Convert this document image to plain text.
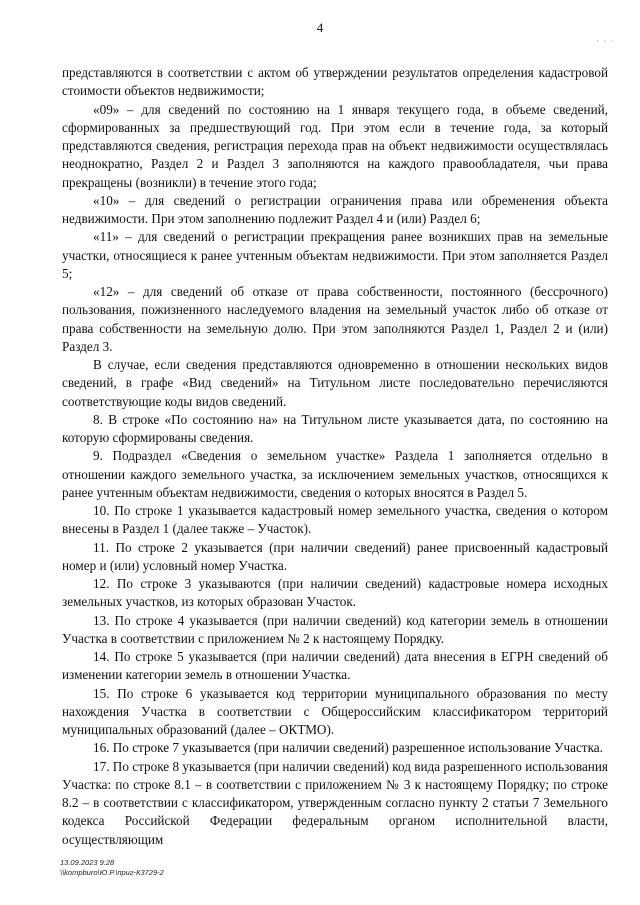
4
· · ·

представляются в соответствии с актом об утверждении результатов определения кадастровой стоимости объектов недвижимости;

«09» – для сведений по состоянию на 1 января текущего года, в объеме сведений, сформированных за предшествующий год. При этом если в течение года, за который представляются сведения, регистрация перехода прав на объект недвижимости осуществлялась неоднократно, Раздел 2 и Раздел 3 заполняются на каждого правообладателя, чьи права прекращены (возникли) в течение этого года;

«10» – для сведений о регистрации ограничения права или обременения объекта недвижимости. При этом заполнению подлежит Раздел 4 и (или) Раздел 6;

«11» – для сведений о регистрации прекращения ранее возникших прав на земельные участки, относящиеся к ранее учтенным объектам недвижимости. При этом заполняется Раздел 5;

«12» – для сведений об отказе от права собственности, постоянного (бессрочного) пользования, пожизненного наследуемого владения на земельный участок либо об отказе от права собственности на земельную долю. При этом заполняются Раздел 1, Раздел 2 и (или) Раздел 3.

В случае, если сведения представляются одновременно в отношении нескольких видов сведений, в графе «Вид сведений» на Титульном листе последовательно перечисляются соответствующие коды видов сведений.

8. В строке «По состоянию на» на Титульном листе указывается дата, по состоянию на которую сформированы сведения.

9. Подраздел «Сведения о земельном участке» Раздела 1 заполняется отдельно в отношении каждого земельного участка, за исключением земельных участков, относящихся к ранее учтенным объектам недвижимости, сведения о которых вносятся в Раздел 5.

10. По строке 1 указывается кадастровый номер земельного участка, сведения о котором внесены в Раздел 1 (далее также – Участок).

11. По строке 2 указывается (при наличии сведений) ранее присвоенный кадастровый номер и (или) условный номер Участка.

12. По строке 3 указываются (при наличии сведений) кадастровые номера исходных земельных участков, из которых образован Участок.

13. По строке 4 указывается (при наличии сведений) код категории земель в отношении Участка в соответствии с приложением № 2 к настоящему Порядку.

14. По строке 5 указывается (при наличии сведений) дата внесения в ЕГРН сведений об изменении категории земель в отношении Участка.

15. По строке 6 указывается код территории муниципального образования по месту нахождения Участка в соответствии с Общероссийским классификатором территорий муниципальных образований (далее – ОКТМО).

16. По строке 7 указывается (при наличии сведений) разрешенное использование Участка.

17. По строке 8 указывается (при наличии сведений) код вида разрешенного использования Участка: по строке 8.1 – в соответствии с приложением № 3 к настоящему Порядку; по строке 8.2 – в соответствии с классификатором, утвержденным согласно пункту 2 статьи 7 Земельного кодекса Российской Федерации федеральным органом исполнительной власти, осуществляющим

13.09.2023 9:28
\\kompburo\Ю.Р.\приг-К3729-2
